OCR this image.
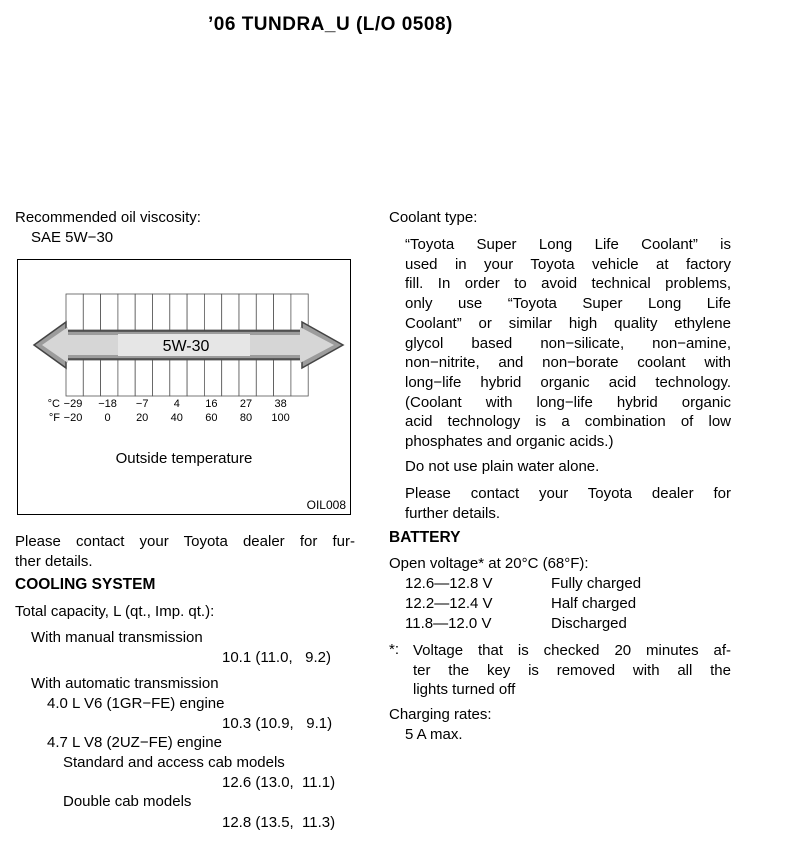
’06 TUNDRA_U (L/O 0508)
Recommended oil viscosity:
SAE 5W−30
5W-30
°C
°F
−29
−20
−18
0
−7
20
4
40
16
60
27
80
38
100
Outside temperature
OIL008
Please contact your Toyota dealer for fur-
ther details.
COOLING SYSTEM
Total capacity, L (qt., Imp. qt.):
With manual transmission
10.1 (11.0,   9.2)
With automatic transmission
4.0 L V6 (1GR−FE) engine
10.3 (10.9,   9.1)
4.7 L V8 (2UZ−FE) engine
Standard and access cab models
12.6 (13.0,  11.1)
Double cab models
12.8 (13.5,  11.3)
Coolant type:
“Toyota Super Long Life Coolant” is
used in your Toyota vehicle at factory
fill. In order to avoid technical problems,
only use “Toyota Super Long Life
Coolant” or similar high quality ethylene
glycol based non−silicate, non−amine,
non−nitrite, and non−borate coolant with
long−life hybrid organic acid technology.
(Coolant with long−life hybrid organic
acid technology is a combination of low
phosphates and organic acids.)
Do not use plain water alone.
Please contact your Toyota dealer for
further details.
BATTERY
Open voltage* at 20°C (68°F):
12.6—12.8 V	Fully charged
12.2—12.4 V	Half charged
11.8—12.0 V	Discharged
*: Voltage that is checked 20 minutes af-
ter the key is removed with all the
lights turned off
Charging rates:
5 A max.
